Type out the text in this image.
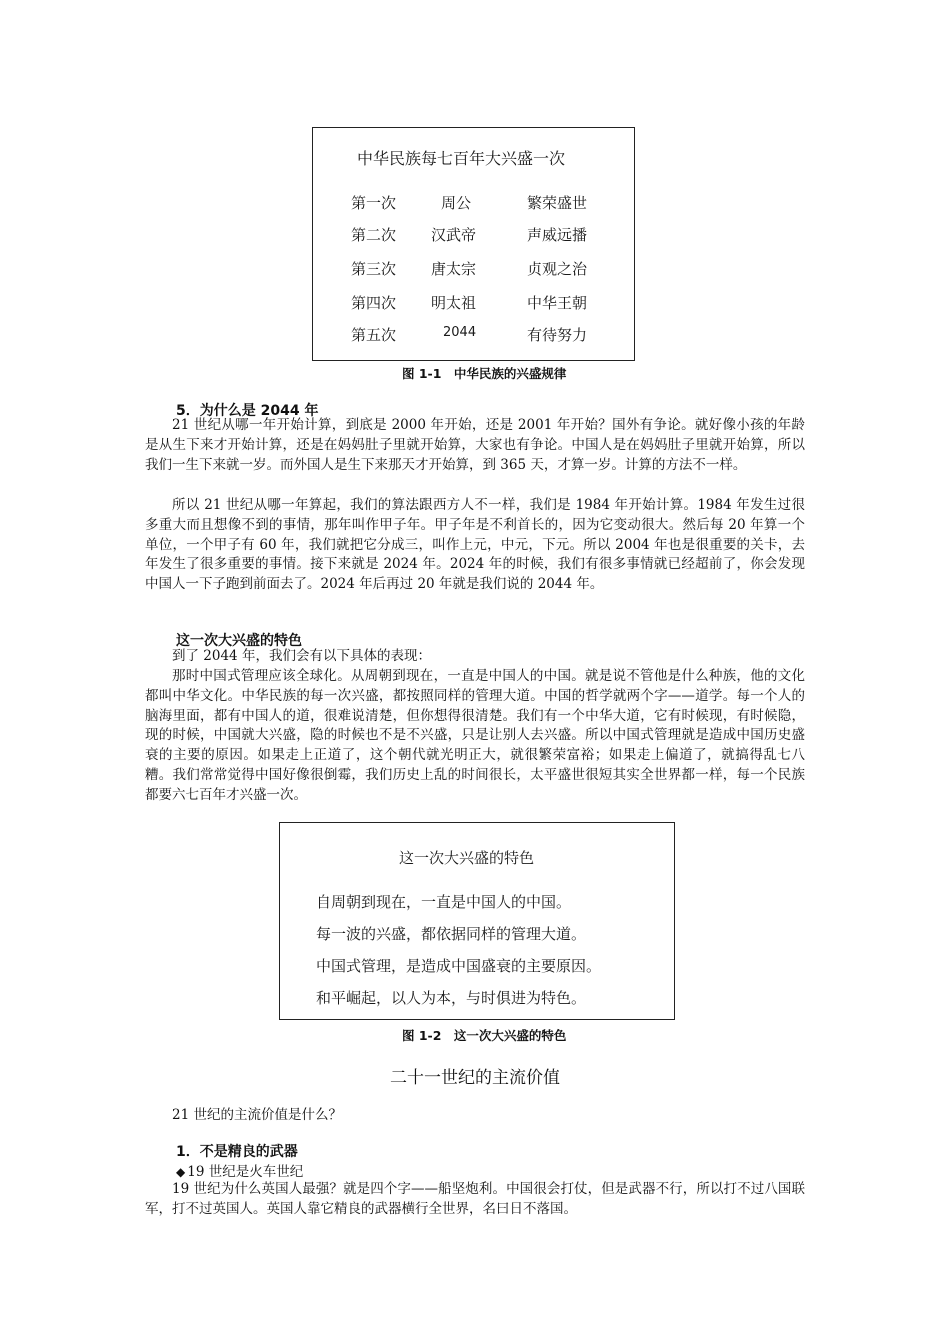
中华民族每七百年大兴盛一次
第一次	周公	繁荣盛世
第二次 汉武帝	声威远播
第三次 唐太宗	贞观之治
第四次 明太祖	中华王朝
第五次	2044	有待努力
图 1-1　中华民族的兴盛规律
5．为什么是 2044 年

21 世纪从哪一年开始计算，到底是 2000 年开始，还是 2001 年开始？国外有争论。就好像小孩的年龄是从生下来才开始计算，还是在妈妈肚子里就开始算，大家也有争论。中国人是在妈妈肚子里就开始算，所以我们一生下来就一岁。而外国人是生下来那天才开始算，到 365 天，才算一岁。计算的方法不一样。

所以 21 世纪从哪一年算起，我们的算法跟西方人不一样，我们是 1984 年开始计算。1984 年发生过很多重大而且想像不到的事情，那年叫作甲子年。甲子年是不利首长的，因为它变动很大。然后每 20 年算一个单位，一个甲子有 60 年，我们就把它分成三，叫作上元，中元，下元。所以 2004 年也是很重要的关卡，去年发生了很多重要的事情。接下来就是 2024 年。2024 年的时候，我们有很多事情就已经超前了，你会发现中国人一下子跑到前面去了。2024 年后再过 20 年就是我们说的 2044 年。

这一次大兴盛的特色

到了 2044 年，我们会有以下具体的表现：

那时中国式管理应该全球化。从周朝到现在，一直是中国人的中国。就是说不管他是什么种族，他的文化都叫中华文化。中华民族的每一次兴盛，都按照同样的管理大道。中国的哲学就两个字——道学。每一个人的脑海里面，都有中国人的道，很难说清楚，但你想得很清楚。我们有一个中华大道，它有时候现，有时候隐，现的时候，中国就大兴盛，隐的时候也不是不兴盛，只是让别人去兴盛。所以中国式管理就是造成中国历史盛衰的主要的原因。如果走上正道了，这个朝代就光明正大，就很繁荣富裕；如果走上偏道了，就搞得乱七八糟。我们常常觉得中国好像很倒霉，我们历史上乱的时间很长，太平盛世很短其实全世界都一样，每一个民族都要六七百年才兴盛一次。

这一次大兴盛的特色
自周朝到现在，一直是中国人的中国。
每一波的兴盛，都依据同样的管理大道。
中国式管理，是造成中国盛衰的主要原因。
和平崛起，以人为本，与时俱进为特色。
图 1-2　这一次大兴盛的特色
二十一世纪的主流价值
21 世纪的主流价值是什么？
1．不是精良的武器
◆ 19 世纪是火车世纪

19 世纪为什么英国人最强？就是四个字——船坚炮利。中国很会打仗，但是武器不行，所以打不过八国联军，打不过英国人。英国人靠它精良的武器横行全世界，名曰日不落国。
